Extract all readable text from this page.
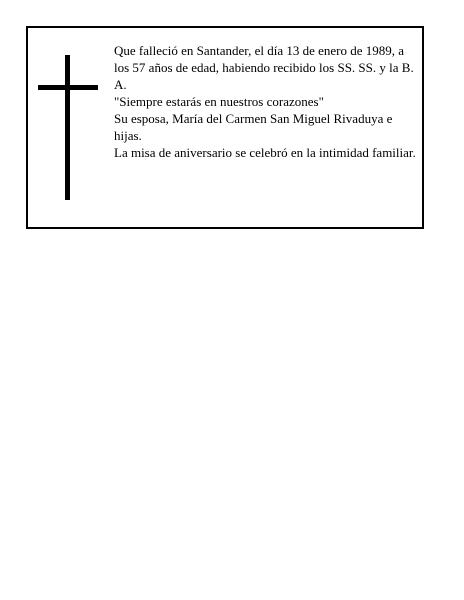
Que falleció en Santander, el día 13 de enero de 1989, a los 57 años de edad, habiendo recibido los SS. SS. y la B. A.

"Siempre estarás en nuestros corazones"

Su esposa, María del Carmen San Miguel Rivaduya e hijas.

La misa de aniversario se celebró en la intimidad familiar.
